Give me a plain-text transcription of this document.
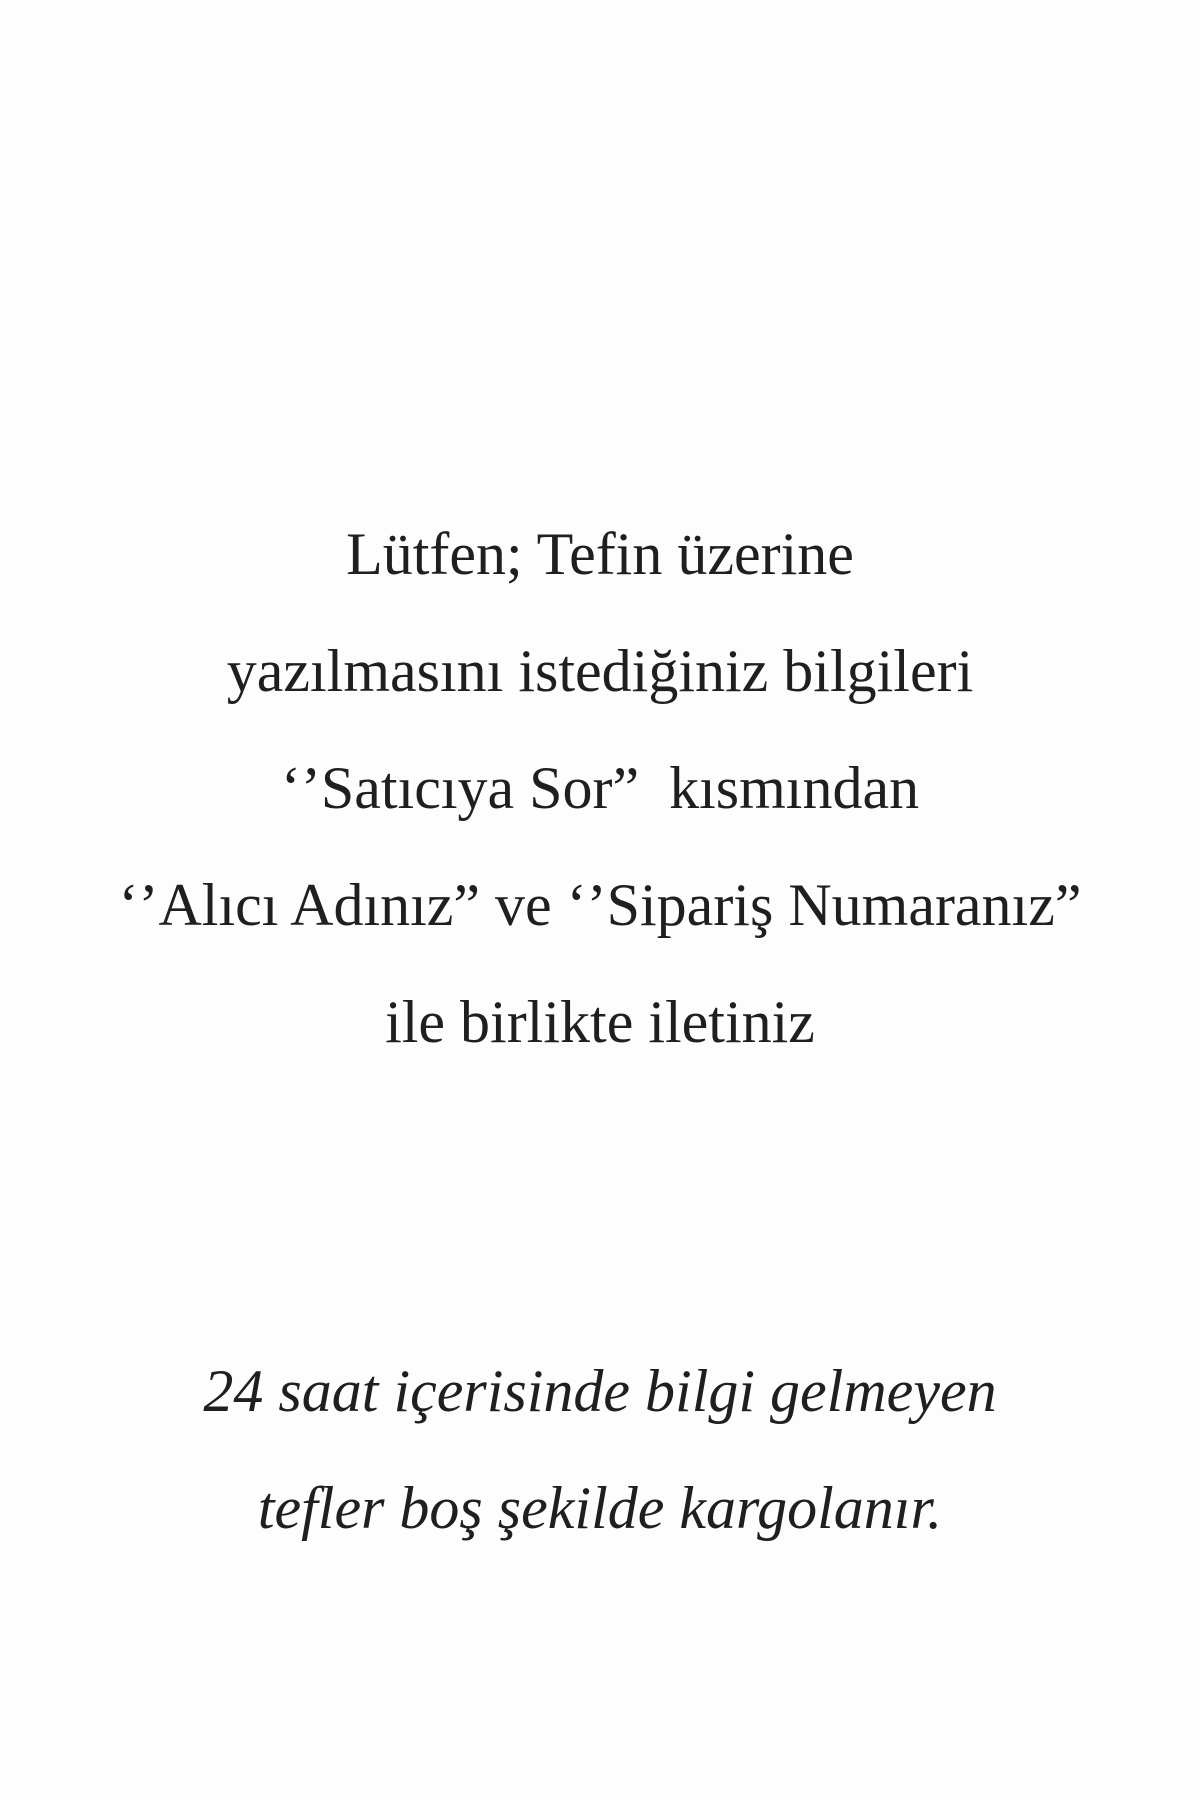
Lütfen; Tefin üzerine
yazılmasını istediğiniz bilgileri
‘’Satıcıya Sor”  kısmından
‘’Alıcı Adınız” ve ‘’Sipariş Numaranız”
ile birlikte iletiniz
24 saat içerisinde bilgi gelmeyen
tefler boş şekilde kargolanır.
